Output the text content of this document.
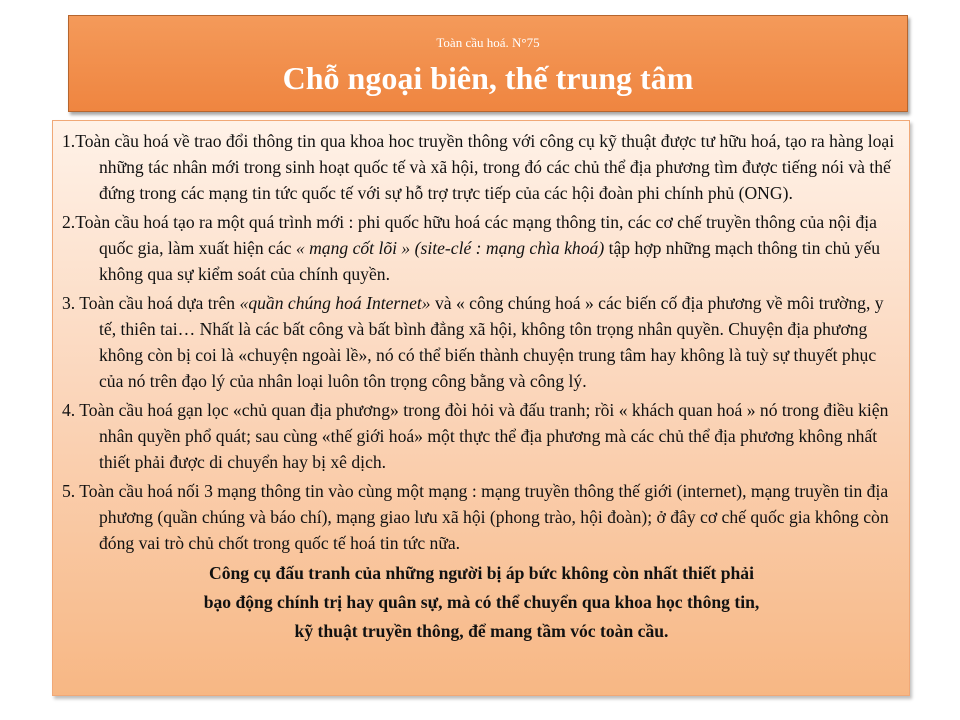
Toàn cầu hoá. N°75
Chỗ ngoại biên, thế trung tâm

1.Toàn cầu hoá về trao đổi thông tin qua khoa hoc truyền thông với công cụ kỹ thuật được tư hữu hoá, tạo ra hàng loại những tác nhân mới trong sinh hoạt quốc tế và xã hội, trong đó các chủ thể địa phương tìm được tiếng nói và thế đứng trong các mạng tin tức quốc tế với sự hỗ trợ trực tiếp của các hội đoàn phi chính phủ (ONG).

2.Toàn cầu hoá tạo ra một quá trình mới : phi quốc hữu hoá các mạng thông tin, các cơ chế truyền thông của nội địa quốc gia, làm xuất hiện các « mạng cốt lõi » (site-clé : mạng chìa khoá) tập hợp những mạch thông tin chủ yếu không qua sự kiểm soát của chính quyền.

3. Toàn cầu hoá dựa trên «quần chúng hoá Internet» và « công chúng hoá » các biến cố địa phương về môi trường, y tế, thiên tai… Nhất là các bất công và bất bình đẳng xã hội, không tôn trọng nhân quyền. Chuyện địa phương không còn bị coi là «chuyện ngoài lề», nó có thể biến thành chuyện trung tâm hay không là tuỳ sự thuyết phục của nó trên đạo lý của nhân loại luôn tôn trọng công bằng và công lý.

4. Toàn cầu hoá gạn lọc «chủ quan địa phương» trong đòi hỏi và đấu tranh; rồi « khách quan hoá » nó trong điều kiện nhân quyền phổ quát; sau cùng «thế giới hoá» một thực thể địa phương mà các chủ thể địa phương không nhất thiết phải được di chuyển hay bị xê dịch.

5. Toàn cầu hoá nối 3 mạng thông tin vào cùng một mạng : mạng truyền thông thế giới (internet), mạng truyền tin địa phương (quần chúng và báo chí), mạng giao lưu xã hội (phong trào, hội đoàn); ở đây cơ chế quốc gia không còn đóng vai trò chủ chốt trong quốc tế hoá tin tức nữa.

Công cụ đấu tranh của những người bị áp bức không còn nhất thiết phải
bạo động chính trị hay quân sự, mà có thể chuyển qua khoa học thông tin,
kỹ thuật truyền thông, để mang tầm vóc toàn cầu.
